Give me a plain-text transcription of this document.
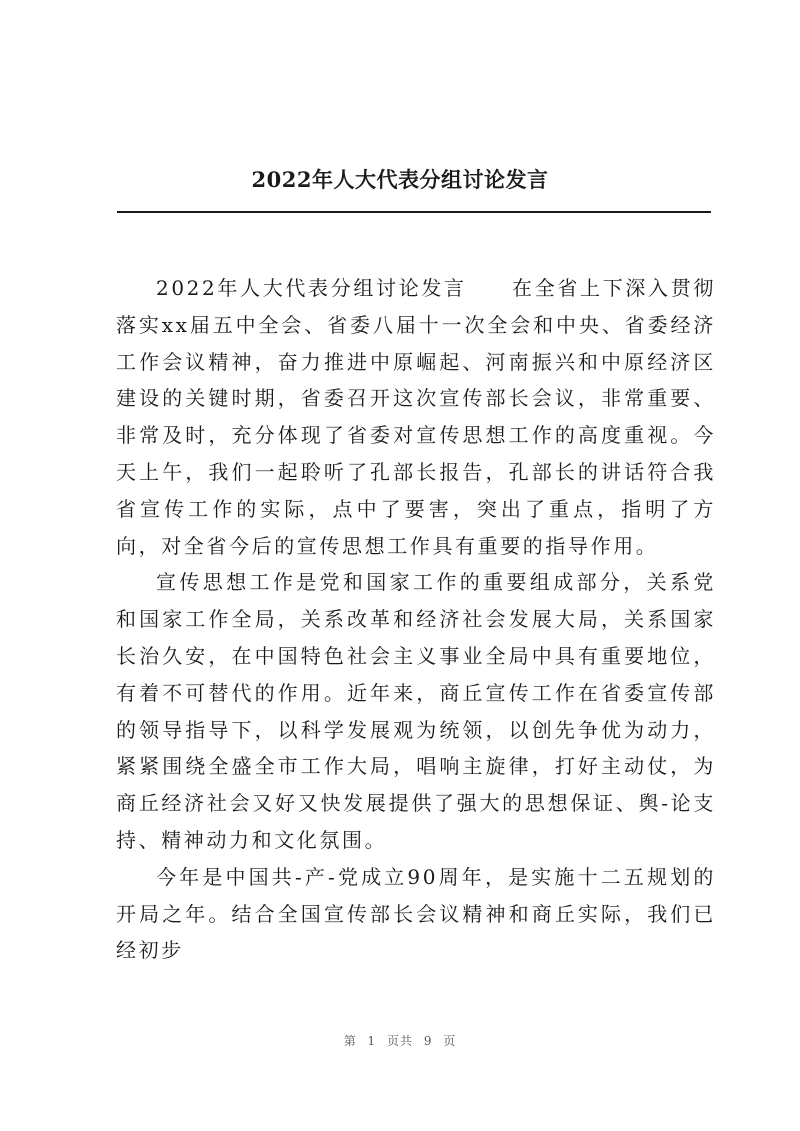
2022年人大代表分组讨论发言

2022年人大代表分组讨论发言　　在全省上下深入贯彻落实xx届五中全会、省委八届十一次全会和中央、省委经济工作会议精神，奋力推进中原崛起、河南振兴和中原经济区建设的关键时期，省委召开这次宣传部长会议，非常重要、非常及时，充分体现了省委对宣传思想工作的高度重视。今天上午，我们一起聆听了孔部长报告，孔部长的讲话符合我省宣传工作的实际，点中了要害，突出了重点，指明了方向，对全省今后的宣传思想工作具有重要的指导作用。

宣传思想工作是党和国家工作的重要组成部分，关系党和国家工作全局，关系改革和经济社会发展大局，关系国家长治久安，在中国特色社会主义事业全局中具有重要地位，有着不可替代的作用。近年来，商丘宣传工作在省委宣传部的领导指导下，以科学发展观为统领，以创先争优为动力，紧紧围绕全盛全市工作大局，唱响主旋律，打好主动仗，为商丘经济社会又好又快发展提供了强大的思想保证、舆-论支持、精神动力和文化氛围。

今年是中国共-产-党成立90周年，是实施十二五规划的开局之年。结合全国宣传部长会议精神和商丘实际，我们已经初步

第 1 页共 9 页
